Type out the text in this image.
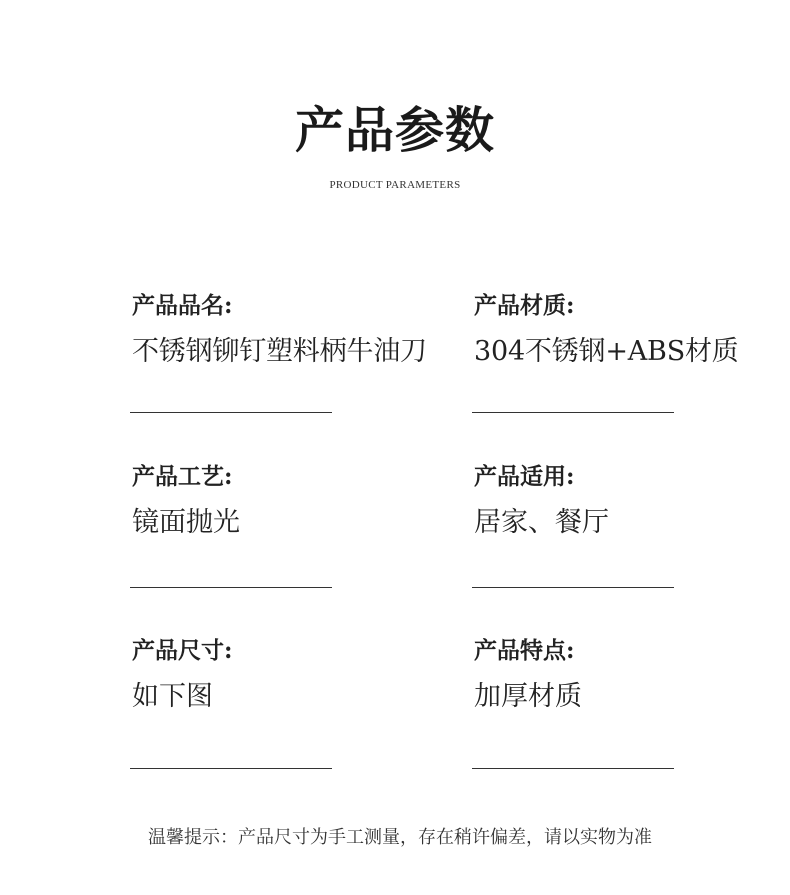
产品参数
PRODUCT PARAMETERS
产品品名:
不锈钢铆钉塑料柄牛油刀
产品材质:
304不锈钢+ABS材质
产品工艺:
镜面抛光
产品适用:
居家、餐厅
产品尺寸:
如下图
产品特点:
加厚材质
温馨提示：产品尺寸为手工测量，存在稍许偏差，请以实物为准
